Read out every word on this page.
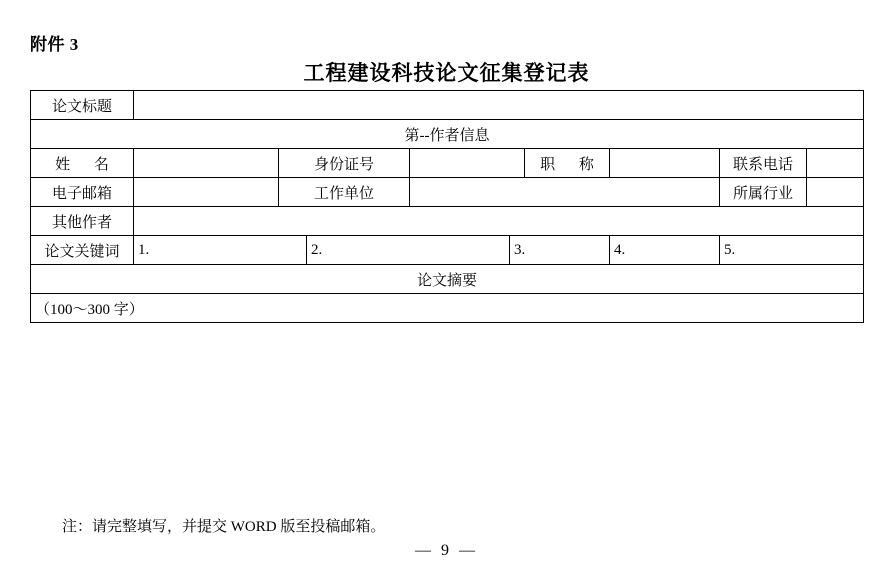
附件 3
工程建设科技论文征集登记表
论文标题									
第--作者信息									
姓 名		身份证号				职 称		联系电话	
电子邮箱		工作单位						所属行业	
其他作者									
论文关键词	1.		2.		3.		4.	5.	
论文摘要									
（100～300 字）									
注：请完整填写，并提交 WORD 版至投稿邮箱。
— 9 —
